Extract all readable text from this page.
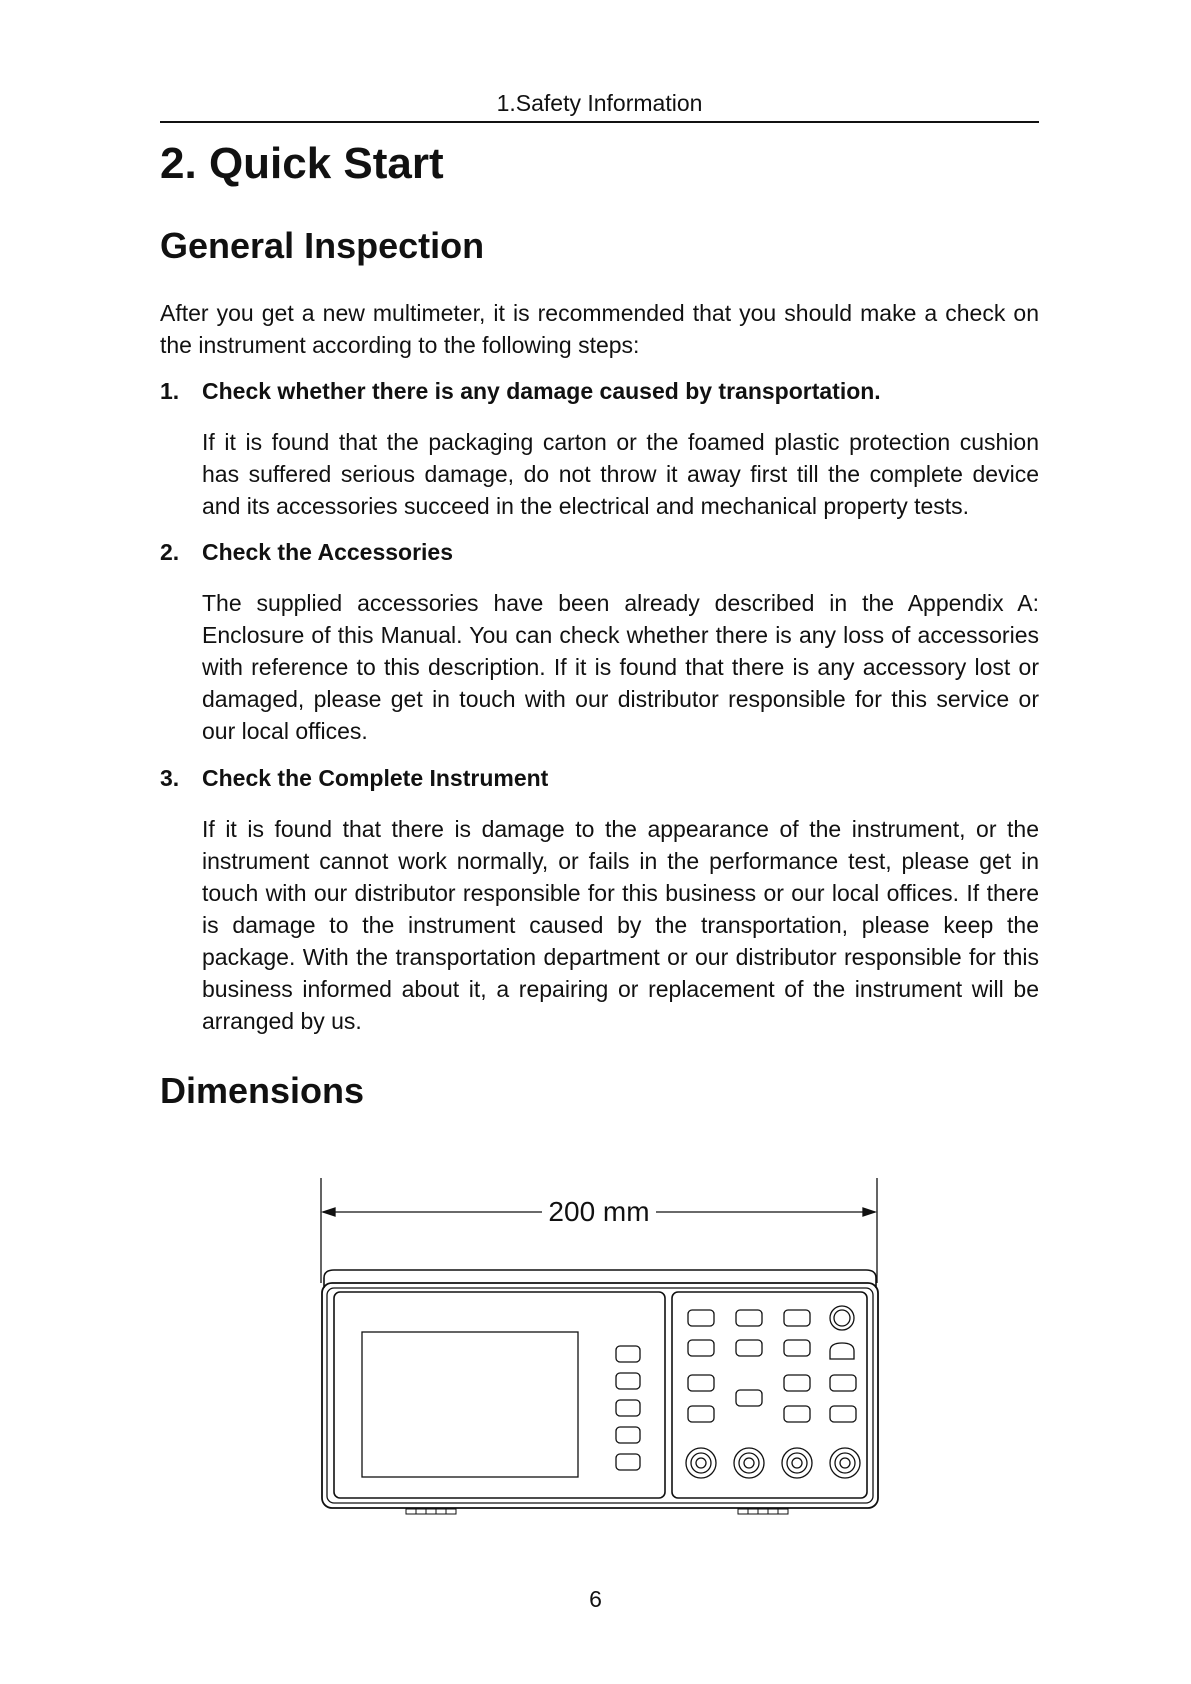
1.Safety Information
2. Quick Start
General Inspection

After you get a new multimeter, it is recommended that you should make a check on the instrument according to the following steps:

1. Check whether there is any damage caused by transportation.

If it is found that the packaging carton or the foamed plastic protection cushion has suffered serious damage, do not throw it away first till the complete device and its accessories succeed in the electrical and mechanical property tests.

2. Check the Accessories

The supplied accessories have been already described in the Appendix A: Enclosure of this Manual. You can check whether there is any loss of accessories with reference to this description. If it is found that there is any accessory lost or damaged, please get in touch with our distributor responsible for this service or our local offices.

3. Check the Complete Instrument

If it is found that there is damage to the appearance of the instrument, or the instrument cannot work normally, or fails in the performance test, please get in touch with our distributor responsible for this business or our local offices. If there is damage to the instrument caused by the transportation, please keep the package. With the transportation department or our distributor responsible for this business informed about it, a repairing or replacement of the instrument will be arranged by us.

Dimensions
200 mm
6
